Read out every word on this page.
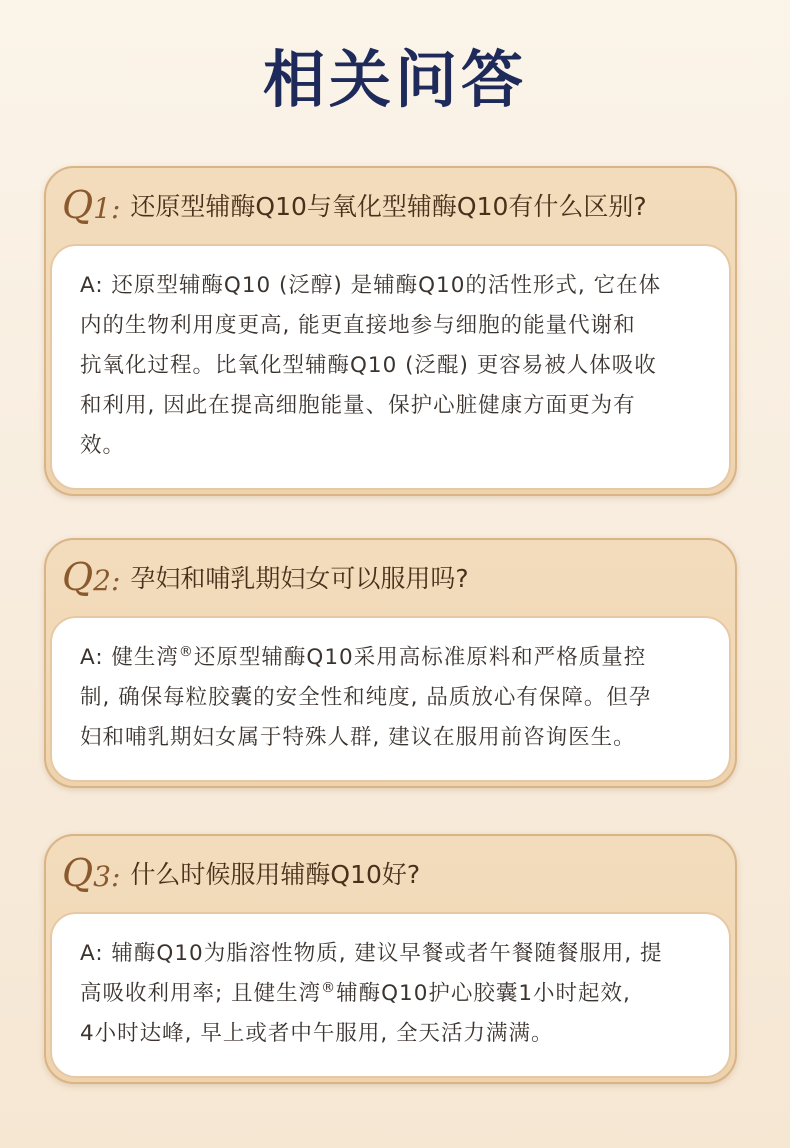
相关问答
Q1: 还原型辅酶Q10与氧化型辅酶Q10有什么区别?
A: 还原型辅酶Q10 (泛醇) 是辅酶Q10的活性形式, 它在体
内的生物利用度更高, 能更直接地参与细胞的能量代谢和
抗氧化过程。比氧化型辅酶Q10 (泛醌) 更容易被人体吸收
和利用, 因此在提高细胞能量、保护心脏健康方面更为有
效。
Q2: 孕妇和哺乳期妇女可以服用吗?
A: 健生湾®还原型辅酶Q10采用高标准原料和严格质量控
制, 确保每粒胶囊的安全性和纯度, 品质放心有保障。但孕
妇和哺乳期妇女属于特殊人群, 建议在服用前咨询医生。
Q3: 什么时候服用辅酶Q10好?
A: 辅酶Q10为脂溶性物质, 建议早餐或者午餐随餐服用, 提
高吸收利用率; 且健生湾®辅酶Q10护心胶囊1小时起效,
4小时达峰, 早上或者中午服用, 全天活力满满。
